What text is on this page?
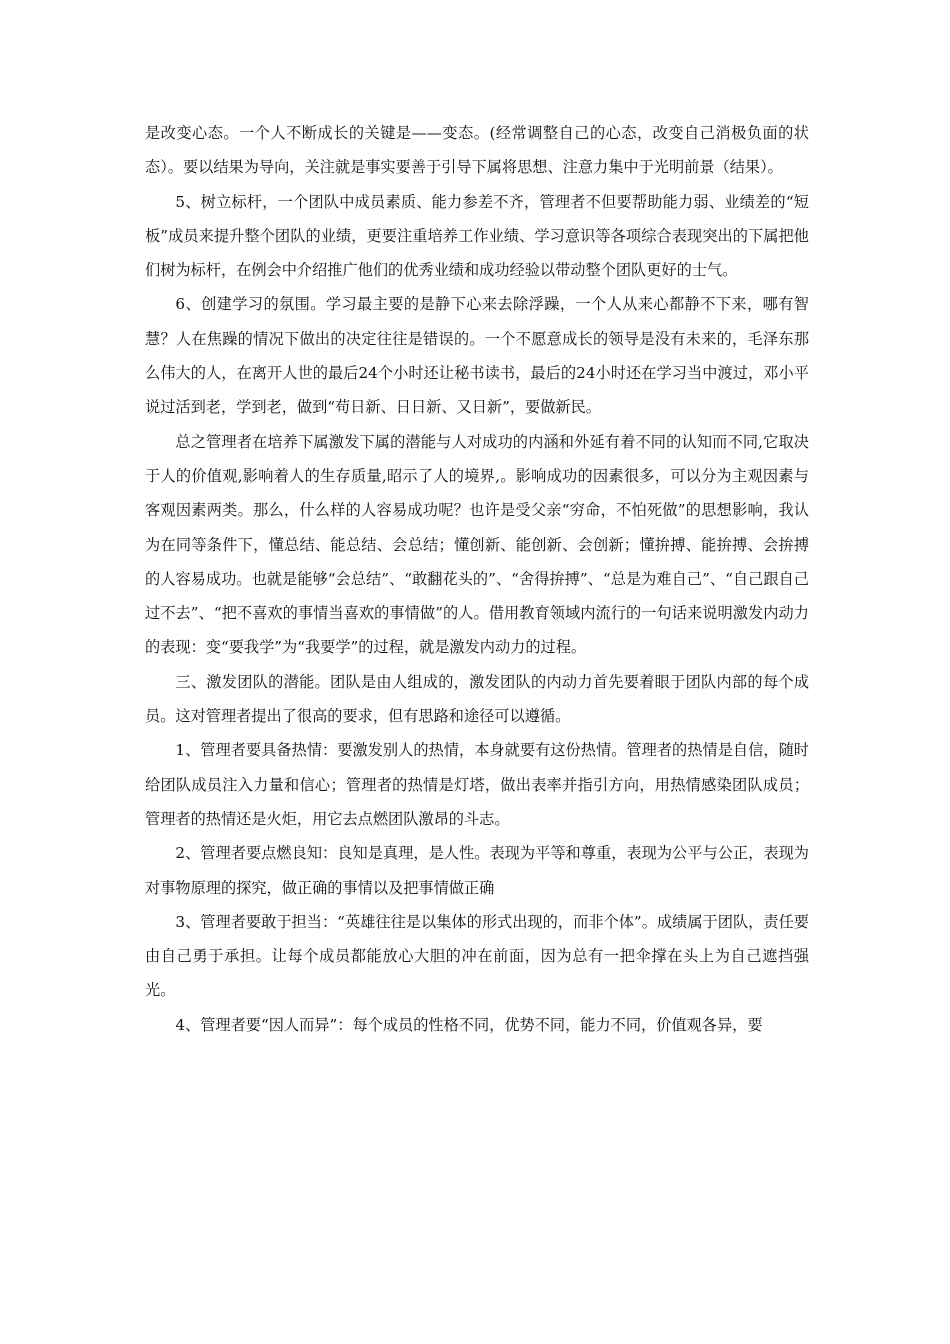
是改变心态。一个人不断成长的关键是——变态。(经常调整自己的心态，改变自己消极负面的状态）。要以结果为导向，关注就是事实要善于引导下属将思想、注意力集中于光明前景（结果）。

5、树立标杆，一个团队中成员素质、能力参差不齐，管理者不但要帮助能力弱、业绩差的“短板”成员来提升整个团队的业绩，更要注重培养工作业绩、学习意识等各项综合表现突出的下属把他们树为标杆，在例会中介绍推广他们的优秀业绩和成功经验以带动整个团队更好的士气。

6、创建学习的氛围。学习最主要的是静下心来去除浮躁，一个人从来心都静不下来，哪有智慧？人在焦躁的情况下做出的决定往往是错误的。一个不愿意成长的领导是没有未来的，毛泽东那么伟大的人，在离开人世的最后24个小时还让秘书读书，最后的24小时还在学习当中渡过，邓小平说过活到老，学到老，做到“苟日新、日日新、又日新”，要做新民。

总之管理者在培养下属激发下属的潜能与人对成功的内涵和外延有着不同的认知而不同,它取决于人的价值观,影响着人的生存质量,昭示了人的境界,。影响成功的因素很多，可以分为主观因素与客观因素两类。那么，什么样的人容易成功呢？也许是受父亲“穷命，不怕死做”的思想影响，我认为在同等条件下，懂总结、能总结、会总结；懂创新、能创新、会创新；懂拚搏、能拚搏、会拚搏的人容易成功。也就是能够“会总结”、“敢翻花头的”、“舍得拚搏”、“总是为难自己”、“自己跟自己过不去”、“把不喜欢的事情当喜欢的事情做”的人。借用教育领域内流行的一句话来说明激发内动力的表现：变“要我学”为“我要学”的过程，就是激发内动力的过程。

三、激发团队的潜能。团队是由人组成的，激发团队的内动力首先要着眼于团队内部的每个成员。这对管理者提出了很高的要求，但有思路和途径可以遵循。

1、管理者要具备热情：要激发别人的热情，本身就要有这份热情。管理者的热情是自信，随时给团队成员注入力量和信心；管理者的热情是灯塔，做出表率并指引方向，用热情感染团队成员；管理者的热情还是火炬，用它去点燃团队激昂的斗志。

2、管理者要点燃良知：良知是真理，是人性。表现为平等和尊重，表现为公平与公正，表现为对事物原理的探究，做正确的事情以及把事情做正确

3、管理者要敢于担当：“英雄往往是以集体的形式出现的，而非个体”。成绩属于团队，责任要由自己勇于承担。让每个成员都能放心大胆的冲在前面，因为总有一把伞撑在头上为自己遮挡强光。

4、管理者要“因人而异”：每个成员的性格不同，优势不同，能力不同，价值观各异，要
